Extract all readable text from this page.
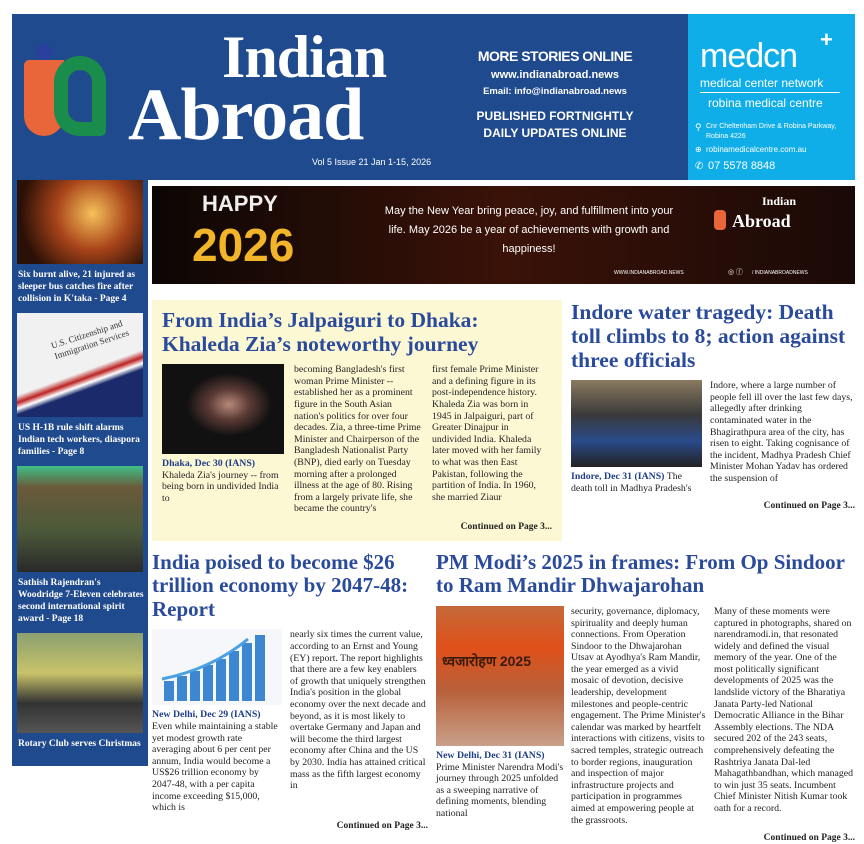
Indian
Abroad
Vol 5 Issue 21 Jan 1-15, 2026
MORE STORIES ONLINE
www.indianabroad.news
Email: info@indianabroad.news
PUBLISHED FORTNIGHTLY
DAILY UPDATES ONLINE
medcn +
medical center network
robina medical centre
⚲ Cnr Cheltenham Drive & Robina Parkway, Robina 4226
⊕ robinamedicalcentre.com.au
✆ 07 5578 8848
Six burnt alive, 21 injured as sleeper bus catches fire after collision in K'taka - Page 4
U.S. Citizenship and Immigration Services
US H-1B rule shift alarms Indian tech workers, diaspora families - Page 8
Sathish Rajendran's Woodridge 7-Eleven celebrates second international spirit award - Page 18
Rotary Club serves Christmas
HAPPY
2026
May the New Year bring peace, joy, and fulfillment into your life. May 2026 be a year of achievements with growth and happiness!
Indian
Abroad
WWW.INDIANABROAD.NEWS	◎ ⓕ / INDIANABROADNEWS
From India’s Jalpaiguri to Dhaka: Khaleda Zia’s noteworthy journey
Dhaka, Dec 30 (IANS) Khaleda Zia's journey -- from being born in undivided India to
becoming Bangladesh's first woman Prime Minister -- established her as a prominent figure in the South Asian nation's politics for over four decades. Zia, a three-time Prime Minister and Chairperson of the Bangladesh Nationalist Party (BNP), died early on Tuesday morning after a prolonged illness at the age of 80. Rising from a largely private life, she became the country's
first female Prime Minister and a defining figure in its post-independence history. Khaleda Zia was born in 1945 in Jalpaiguri, part of Greater Dinajpur in undivided India. Khaleda later moved with her family to what was then East Pakistan, following the partition of India. In 1960, she married Ziaur
Continued on Page 3...
Indore water tragedy: Death toll climbs to 8; action against three officials
Indore, Dec 31 (IANS) The death toll in Madhya Pradesh's
Indore, where a large number of people fell ill over the last few days, allegedly after drinking contaminated water in the Bhagirathpura area of the city, has risen to eight. Taking cognisance of the incident, Madhya Pradesh Chief Minister Mohan Yadav has ordered the suspension of
Continued on Page 3...
India poised to become $26 trillion economy by 2047-48: Report
New Delhi, Dec 29 (IANS) Even while maintaining a stable yet modest growth rate averaging about 6 per cent per annum, India would become a US$26 trillion economy by 2047-48, with a per capita income exceeding $15,000, which is
nearly six times the current value, according to an Ernst and Young (EY) report. The report highlights that there are a few key enablers of growth that uniquely strengthen India's position in the global economy over the next decade and beyond, as it is most likely to overtake Germany and Japan and will become the third largest economy after China and the US by 2030. India has attained critical mass as the fifth largest economy in
Continued on Page 3...
PM Modi’s 2025 in frames: From Op Sindoor to Ram Mandir Dhwajarohan
ध्वजारोहण 2025
New Delhi, Dec 31 (IANS) Prime Minister Narendra Modi's journey through 2025 unfolded as a sweeping narrative of defining moments, blending national
security, governance, diplomacy, spirituality and deeply human connections. From Operation Sindoor to the Dhwajarohan Utsav at Ayodhya's Ram Mandir, the year emerged as a vivid mosaic of devotion, decisive leadership, development milestones and people-centric engagement. The Prime Minister's calendar was marked by heartfelt interactions with citizens, visits to sacred temples, strategic outreach to border regions, inauguration and inspection of major infrastructure projects and participation in programmes aimed at empowering people at the grassroots.
Many of these moments were captured in photographs, shared on narendramodi.in, that resonated widely and defined the visual memory of the year. One of the most politically significant developments of 2025 was the landslide victory of the Bharatiya Janata Party-led National Democratic Alliance in the Bihar Assembly elections. The NDA secured 202 of the 243 seats, comprehensively defeating the Rashtriya Janata Dal-led Mahagathbandhan, which managed to win just 35 seats. Incumbent Chief Minister Nitish Kumar took oath for a record.
Continued on Page 3...
